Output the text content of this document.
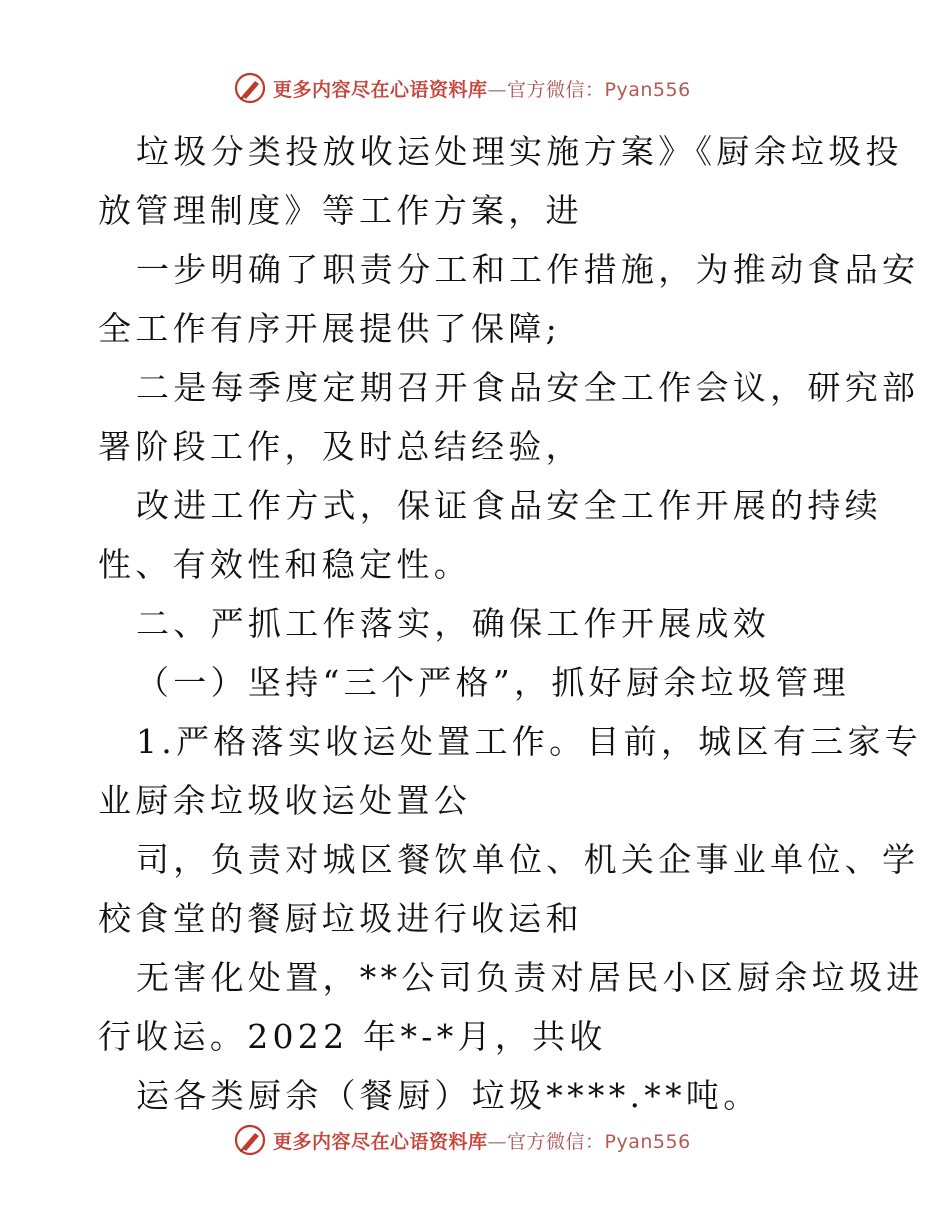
更多内容尽在心语资料库—官方微信：Pyan556
垃圾分类投放收运处理实施方案》《厨余垃圾投
放管理制度》等工作方案，进
一步明确了职责分工和工作措施，为推动食品安
全工作有序开展提供了保障;
二是每季度定期召开食品安全工作会议，研究部
署阶段工作，及时总结经验，
改进工作方式，保证食品安全工作开展的持续
性、有效性和稳定性。
二、严抓工作落实，确保工作开展成效
（一）坚持“三个严格”，抓好厨余垃圾管理
1.严格落实收运处置工作。目前，城区有三家专
业厨余垃圾收运处置公
司，负责对城区餐饮单位、机关企事业单位、学
校食堂的餐厨垃圾进行收运和
无害化处置，**公司负责对居民小区厨余垃圾进
行收运。2022 年*-*月，共收
运各类厨余（餐厨）垃圾****.**吨。
更多内容尽在心语资料库—官方微信：Pyan556
